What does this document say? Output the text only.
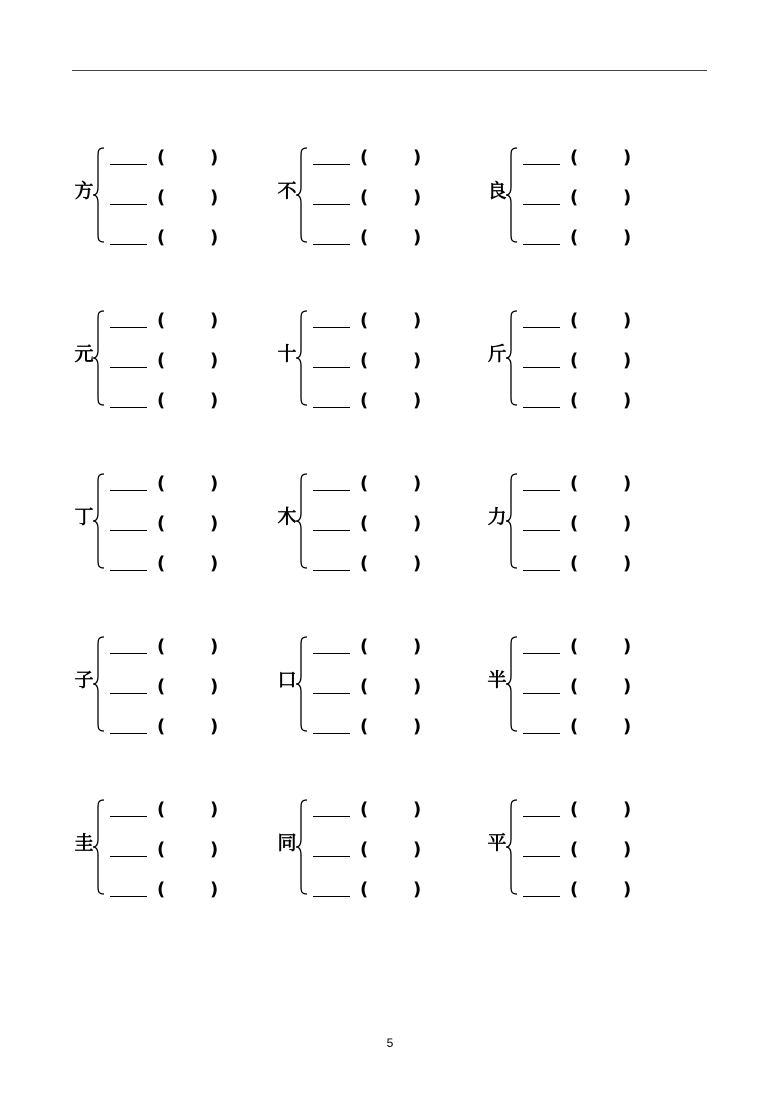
方
( )
( )
( )
不
( )
( )
( )
良
( )
( )
( )
元
( )
( )
( )
十
( )
( )
( )
斤
( )
( )
( )
丁
( )
( )
( )
木
( )
( )
( )
力
( )
( )
( )
子
( )
( )
( )
口
( )
( )
( )
半
( )
( )
( )
圭
( )
( )
( )
同
( )
( )
( )
平
( )
( )
( )
5
